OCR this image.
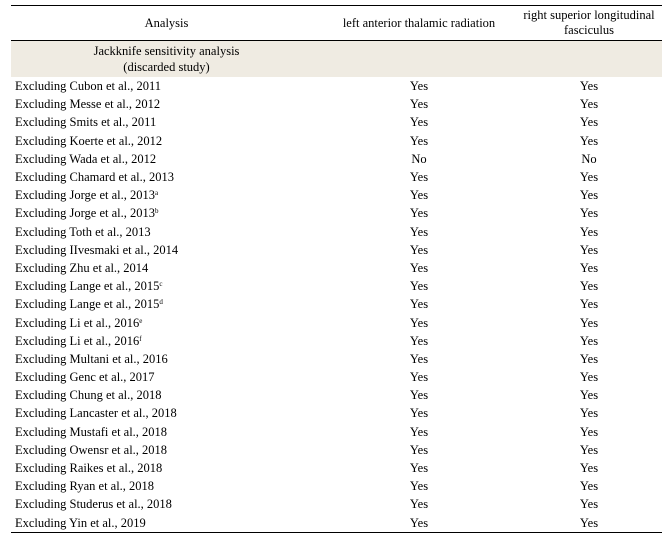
Analysis	left anterior thalamic radiation	right superior longitudinal fasciculus

Jackknife sensitivity analysis
(discarded study)		

Excluding Cubon et al., 2011	Yes	Yes
Excluding Messe et al., 2012	Yes	Yes
Excluding Smits et al., 2011	Yes	Yes
Excluding Koerte et al., 2012	Yes	Yes
Excluding Wada et al., 2012	No	No
Excluding Chamard et al., 2013	Yes	Yes
Excluding Jorge et al., 2013$^a$	Yes	Yes
Excluding Jorge et al., 2013$^b$	Yes	Yes
Excluding Toth et al., 2013	Yes	Yes
Excluding IIvesmaki et al., 2014	Yes	Yes
Excluding Zhu et al., 2014	Yes	Yes
Excluding Lange et al., 2015$^c$	Yes	Yes
Excluding Lange et al., 2015$^d$	Yes	Yes
Excluding Li et al., 2016e	Yes	Yes
Excluding Li et al., 2016$^f$	Yes	Yes
Excluding Multani et al., 2016	Yes	Yes
Excluding Genc et al., 2017	Yes	Yes
Excluding Chung et al., 2018	Yes	Yes
Excluding Lancaster et al., 2018	Yes	Yes
Excluding Mustafi et al., 2018	Yes	Yes
Excluding Owensr et al., 2018	Yes	Yes
Excluding Raikes et al., 2018	Yes	Yes
Excluding Ryan et al., 2018	Yes	Yes
Excluding Studerus et al., 2018	Yes	Yes
Excluding Yin et al., 2019	Yes	Yes
